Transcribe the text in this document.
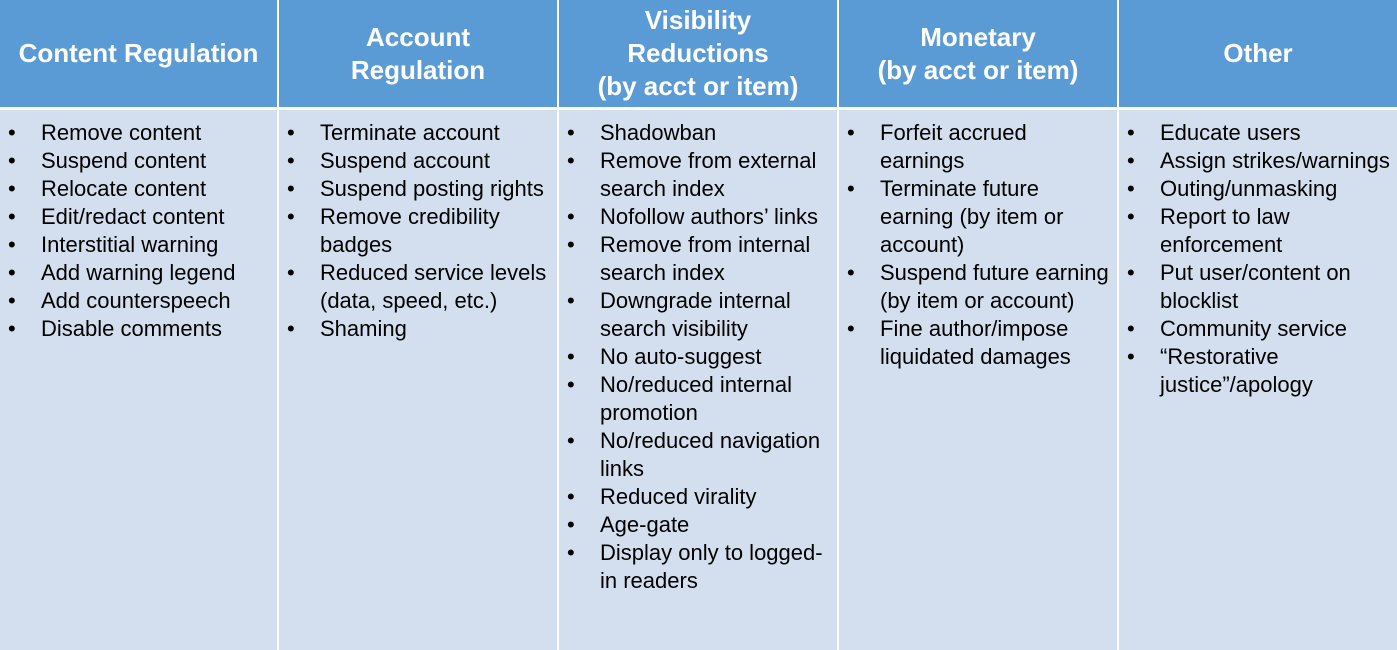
Content Regulation
Account
Regulation
Visibility
Reductions
(by acct or item)
Monetary
(by acct or item)
Other
• Remove content
• Suspend content
• Relocate content
• Edit/redact content
• Interstitial warning
• Add warning legend
• Add counterspeech
• Disable comments
• Terminate account
• Suspend account
• Suspend posting rights
• Remove credibility badges
• Reduced service levels (data, speed, etc.)
• Shaming
• Shadowban
• Remove from external search index
• Nofollow authors’ links
• Remove from internal search index
• Downgrade internal search visibility
• No auto-suggest
• No/reduced internal promotion
• No/reduced navigation links
• Reduced virality
• Age-gate
• Display only to logged-in readers
• Forfeit accrued earnings
• Terminate future earning (by item or account)
• Suspend future earning (by item or account)
• Fine author/impose liquidated damages
• Educate users
• Assign strikes/warnings
• Outing/unmasking
• Report to law enforcement
• Put user/content on blocklist
• Community service
• “Restorative justice”/apology
